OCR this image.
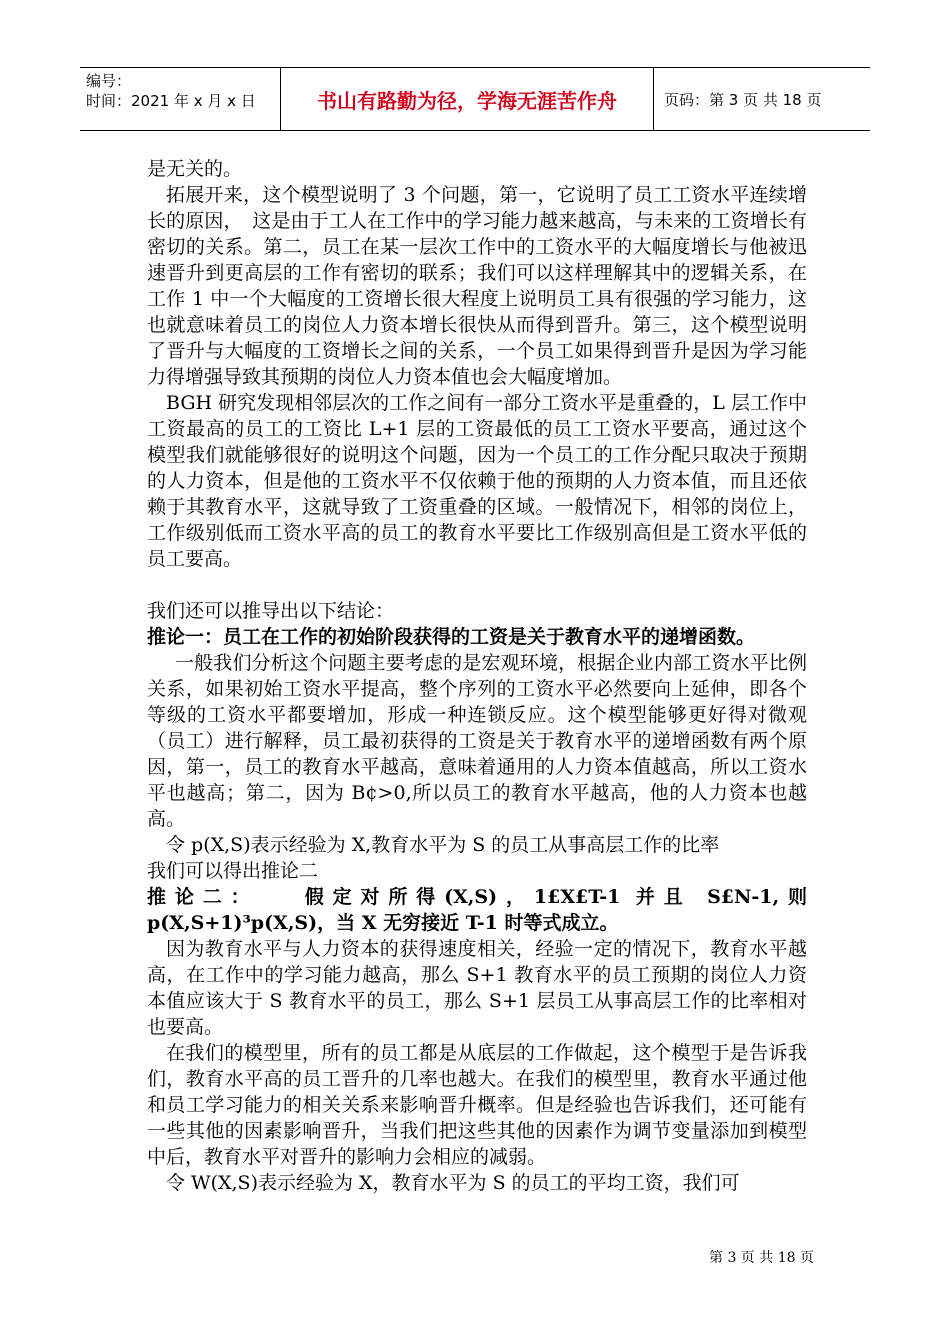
编号：
时间：2021 年 x 月 x 日	书山有路勤为径，学海无涯苦作舟	页码：第 3 页 共 18 页

是无关的。

拓展开来，这个模型说明了 3 个问题，第一，它说明了员工工资水平连续增长的原因，　这是由于工人在工作中的学习能力越来越高，与未来的工资增长有密切的关系。第二，员工在某一层次工作中的工资水平的大幅度增长与他被迅速晋升到更高层的工作有密切的联系；我们可以这样理解其中的逻辑关系，在工作 1 中一个大幅度的工资增长很大程度上说明员工具有很强的学习能力，这也就意味着员工的岗位人力资本增长很快从而得到晋升。第三，这个模型说明了晋升与大幅度的工资增长之间的关系，一个员工如果得到晋升是因为学习能力得增强导致其预期的岗位人力资本值也会大幅度增加。

BGH 研究发现相邻层次的工作之间有一部分工资水平是重叠的，L 层工作中工资最高的员工的工资比 L+1 层的工资最低的员工工资水平要高，通过这个模型我们就能够很好的说明这个问题，因为一个员工的工作分配只取决于预期的人力资本，但是他的工资水平不仅依赖于他的预期的人力资本值，而且还依赖于其教育水平，这就导致了工资重叠的区域。一般情况下，相邻的岗位上，工作级别低而工资水平高的员工的教育水平要比工作级别高但是工资水平低的员工要高。

我们还可以推导出以下结论：

推论一：员工在工作的初始阶段获得的工资是关于教育水平的递增函数。

一般我们分析这个问题主要考虑的是宏观环境，根据企业内部工资水平比例关系，如果初始工资水平提高，整个序列的工资水平必然要向上延伸，即各个等级的工资水平都要增加，形成一种连锁反应。这个模型能够更好得对微观（员工）进行解释，员工最初获得的工资是关于教育水平的递增函数有两个原因，第一，员工的教育水平越高，意味着通用的人力资本值越高，所以工资水平也越高；第二，因为 B¢>0,所以员工的教育水平越高，他的人力资本也越高。

令 p(X,S)表示经验为 X,教育水平为 S 的员工从事高层工作的比率

我们可以得出推论二

推论二：　　假定对所得(X,S)，1£X£T-1 并且 S£N-1,则 p(X,S+1)³p(X,S)，当 X 无穷接近 T-1 时等式成立。

因为教育水平与人力资本的获得速度相关，经验一定的情况下，教育水平越高，在工作中的学习能力越高，那么 S+1 教育水平的员工预期的岗位人力资本值应该大于 S 教育水平的员工，那么 S+1 层员工从事高层工作的比率相对也要高。

在我们的模型里，所有的员工都是从底层的工作做起，这个模型于是告诉我们，教育水平高的员工晋升的几率也越大。在我们的模型里，教育水平通过他和员工学习能力的相关关系来影响晋升概率。但是经验也告诉我们，还可能有一些其他的因素影响晋升，当我们把这些其他的因素作为调节变量添加到模型中后，教育水平对晋升的影响力会相应的减弱。

令 W(X,S)表示经验为 X，教育水平为 S 的员工的平均工资，我们可

第 3 页 共 18 页
